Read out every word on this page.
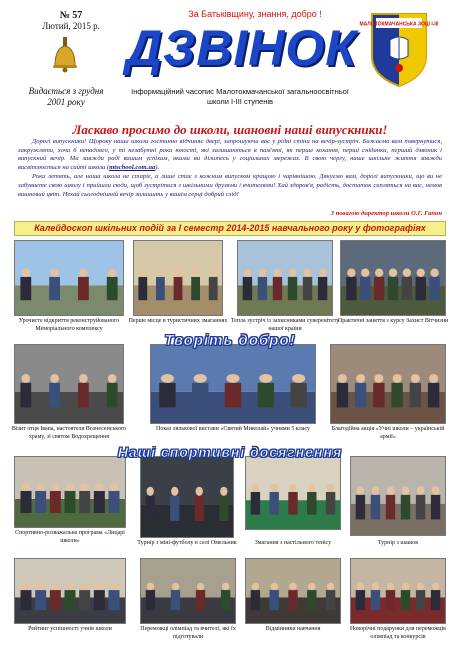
№ 57
Лютий, 2015 р.
Видається з грудня 2001 року
За Батьківщину, знання, добро !
ДЗВІНОК
Інформаційний часопис Малотокмачанської загальноосвітньої школи І-ІІІ ступенів
МАЛОТОКМАЧАНСЬКА ЗОШ І-ІІІ
Ласкаво просимо до школи, шановні наші випускники!

Дорогі випускники! Щороку наша школа гостинно відчиняє двері, запрошуючи вас у рідні стіни на вечір-зустріч. Бажаємо вам повернутися, закружляти, хоча б ненадовго, у ті незабутні роки юності, які залишаються в пам'яті, як перше кохання, перші сніданки, перший дзвоник і випускний вечір. Ми завжди раді вашим успіхам, якими ви ділитесь у соціальних мережах. В свою чергу, наше шкільне життя завжди висвітлюється на сайті школи (mtschool.com.ua).

Роки летять, але наша школа не старіє, а лише стає з кожним випуском кращою і чарівнішою. Дякуємо вам, дорогі випускники, що ви не забуваєте свою школу і прийшли сюди, щоб зустрітися з шкільними друзями і вчителями! Хай здоров'я, радість, достаток сипляться на вас, немов вишневий цвіт. Нехай сьогоднішній вечір залишить у вашім серці добрий слід!

З повагою директор школи О.Г. Гапон
Калейдоскоп шкільних подій за І семестр 2014-2015 навчального року у фотографіях
Урочисте відкриття реконструйованого Меморіального комплексу
Перше місце в туристичних змаганнях Тепла зустріч із захисниками суверенітету нашої країни
Практичні заняття з курсу Захист Вітчизни
Візит отця Івана, настоятеля Вознесенського храму, зі святом Водохрещення
Показ лялькової вистави «Святий Миколай» учнями 5 класу	Благодійна акція «Учні школи – українській армії»
Спортивно-розважальна програма «Лицарі школи»	Турнір з міні-футболу в селі Омельник	Змагання з настільного тенісу	Турнір з шашок
Рейтинг успішності учнів школи	Переможці олімпіад та вчителі, які їх підготували
Відмінники навчання	Новорічні подарунки для переможців олімпіад та конкурсів
Творіть добро!
Наші спортивні досягнення
